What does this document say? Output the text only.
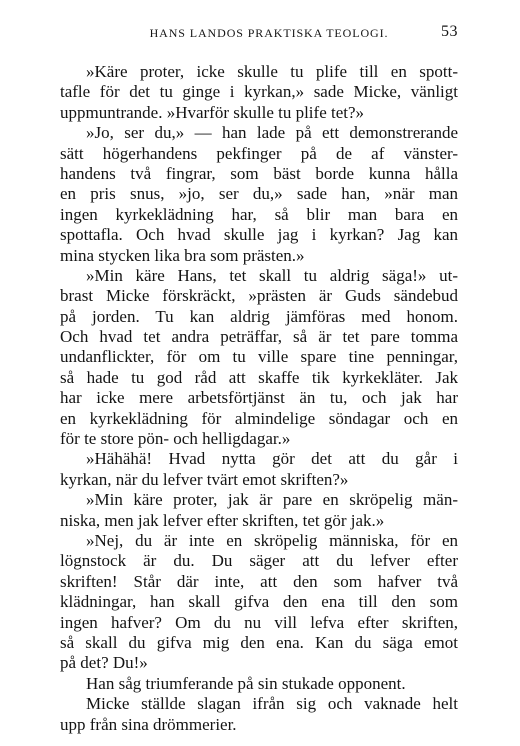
HANS LANDOS PRAKTISKA TEOLOGI.	53
»Käre proter, icke skulle tu plife till en spott-
tafle för det tu ginge i kyrkan,» sade Micke, vänligt
uppmuntrande. »Hvarför skulle tu plife tet?»
»Jo, ser du,» — han lade på ett demonstrerande
sätt högerhandens pekfinger på de af vänster-
handens två fingrar, som bäst borde kunna hålla
en pris snus, »jo, ser du,» sade han, »när man
ingen kyrkeklädning har, så blir man bara en
spottafla. Och hvad skulle jag i kyrkan? Jag kan
mina stycken lika bra som prästen.»
»Min käre Hans, tet skall tu aldrig säga!» ut-
brast Micke förskräckt, »prästen är Guds sändebud
på jorden. Tu kan aldrig jämföras med honom.
Och hvad tet andra peträffar, så är tet pare tomma
undanflickter, för om tu ville spare tine penningar,
så hade tu god råd att skaffe tik kyrkekläter. Jak
har icke mere arbetsförtjänst än tu, och jak har
en kyrkeklädning för almindelige söndagar och en
för te store pön- och helligdagar.»
»Hähähä! Hvad nytta gör det att du går i
kyrkan, när du lefver tvärt emot skriften?»
»Min käre proter, jak är pare en skröpelig män-
niska, men jak lefver efter skriften, tet gör jak.»
»Nej, du är inte en skröpelig människa, för en
lögnstock är du. Du säger att du lefver efter
skriften! Står där inte, att den som hafver två
klädningar, han skall gifva den ena till den som
ingen hafver? Om du nu vill lefva efter skriften,
så skall du gifva mig den ena. Kan du säga emot
på det? Du!»
Han såg triumferande på sin stukade opponent.
Micke ställde slagan ifrån sig och vaknade helt
upp från sina drömmerier.
